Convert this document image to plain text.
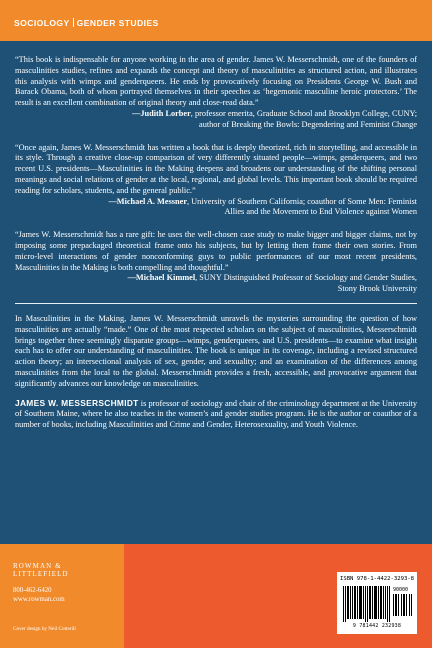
SOCIOLOGY GENDER STUDIES

“This book is indispensable for anyone working in the area of gender. James W. Messerschmidt, one of the founders of masculinities studies, refines and expands the concept and theory of masculinities as structured action, and illustrates this analysis with wimps and genderqueers. He ends by provocatively focusing on Presidents George W. Bush and Barack Obama, both of whom portrayed themselves in their speeches as ‘hegemonic masculine heroic protectors.’ The result is an excellent combination of original theory and close-read data.”

—Judith Lorber, professor emerita, Graduate School and Brooklyn College, CUNY;

author of Breaking the Bowls: Degendering and Feminist Change

“Once again, James W. Messerschmidt has written a book that is deeply theorized, rich in storytelling, and accessible in its style. Through a creative close-up comparison of very differently situated people—wimps, genderqueers, and two recent U.S. presidents—Masculinities in the Making deepens and broadens our understanding of the shifting personal meanings and social relations of gender at the local, regional, and global levels. This important book should be required reading for scholars, students, and the general public.”

—Michael A. Messner, University of Southern California; coauthor of Some Men: Feminist

Allies and the Movement to End Violence against Women

“James W. Messerschmidt has a rare gift: he uses the well-chosen case study to make bigger and bigger claims, not by imposing some prepackaged theoretical frame onto his subjects, but by letting them frame their own stories. From micro-level interactions of gender nonconforming guys to public performances of our most recent presidents, Masculinities in the Making is both compelling and thoughtful.”

—Michael Kimmel, SUNY Distinguished Professor of Sociology and Gender Studies,

Stony Brook University

In Masculinities in the Making, James W. Messerschmidt unravels the mysteries surrounding the question of how masculinities are actually “made.” One of the most respected scholars on the subject of masculinities, Messerschmidt brings together three seemingly disparate groups—wimps, genderqueers, and U.S. presidents—to examine what insight each has to offer our understanding of masculinities. The book is unique in its coverage, including a revised structured action theory; an intersectional analysis of sex, gender, and sexuality; and an examination of the differences among masculinities from the local to the global. Messerschmidt provides a fresh, accessible, and provocative argument that significantly advances our knowledge on masculinities.

JAMES W. MESSERSCHMIDT is professor of sociology and chair of the criminology department at the University of Southern Maine, where he also teaches in the women’s and gender studies program. He is the author or coauthor of a number of books, including Masculinities and Crime and Gender, Heterosexuality, and Youth Violence.

ROWMAN &
LITTLEFIELD
800-462-6420
www.rowman.com
Cover design by Neil Cotterill
ISBN 978-1-4422-3293-8
90000
9 781442 232938
